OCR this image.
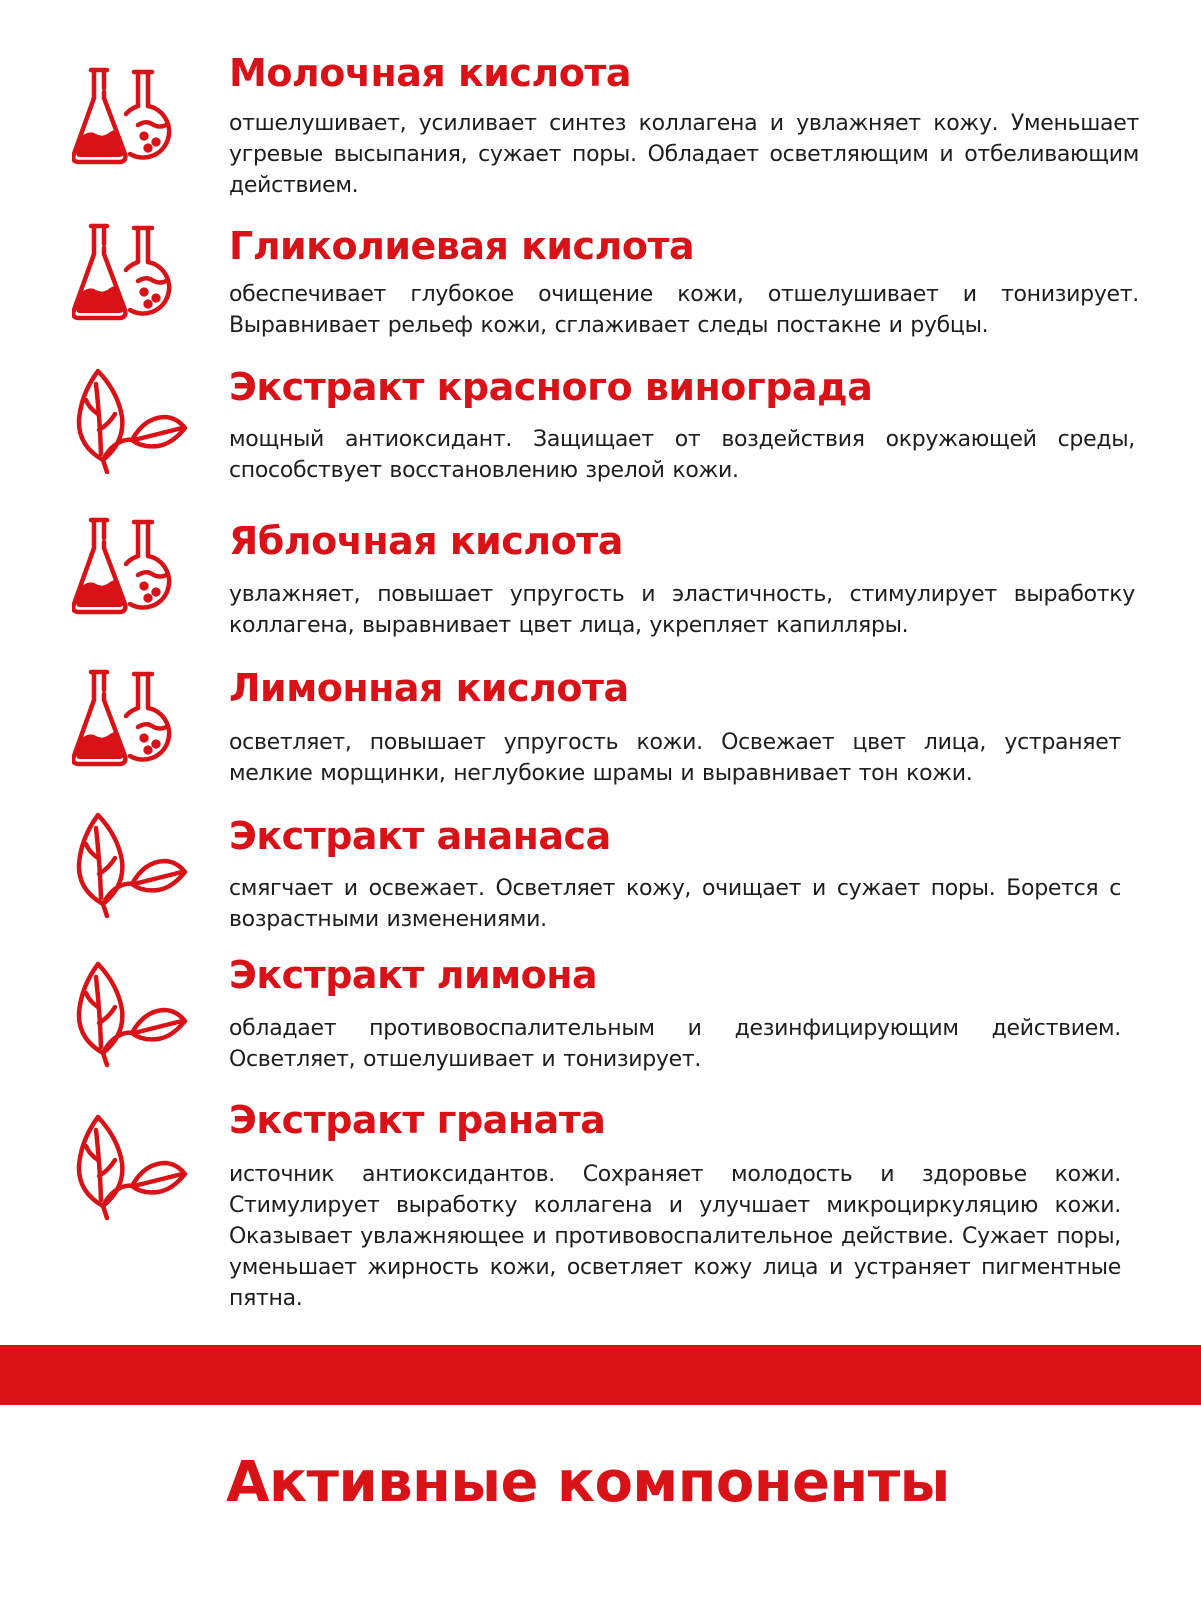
Молочная кислота

отшелушивает, усиливает синтез коллагена и увлажняет кожу. Уменьшает угревые высыпания, сужает поры. Обладает осветляющим и отбеливающим действием.

Гликолиевая кислота

обеспечивает глубокое очищение кожи, отшелушивает и тонизирует. Выравнивает рельеф кожи, сглаживает следы постакне и рубцы.

Экстракт красного винограда

мощный антиоксидант. Защищает от воздействия окружающей среды, способствует восстановлению зрелой кожи.

Яблочная кислота

увлажняет, повышает упругость и эластичность, стимулирует выработку коллагена, выравнивает цвет лица, укрепляет капилляры.

Лимонная кислота

осветляет, повышает упругость кожи. Освежает цвет лица, устраняет мелкие морщинки, неглубокие шрамы и выравнивает тон кожи.

Экстракт ананаса

смягчает и освежает. Осветляет кожу, очищает и сужает поры. Борется с возрастными изменениями.

Экстракт лимона

обладает противовоспалительным и дезинфицирующим действием. Осветляет, отшелушивает и тонизирует.

Экстракт граната

источник антиоксидантов. Сохраняет молодость и здоровье кожи. Стимулирует выработку коллагена и улучшает микроциркуляцию кожи. Оказывает увлажняющее и противовоспалительное действие. Сужает поры, уменьшает жирность кожи, осветляет кожу лица и устраняет пигментные пятна.

Активные компоненты
